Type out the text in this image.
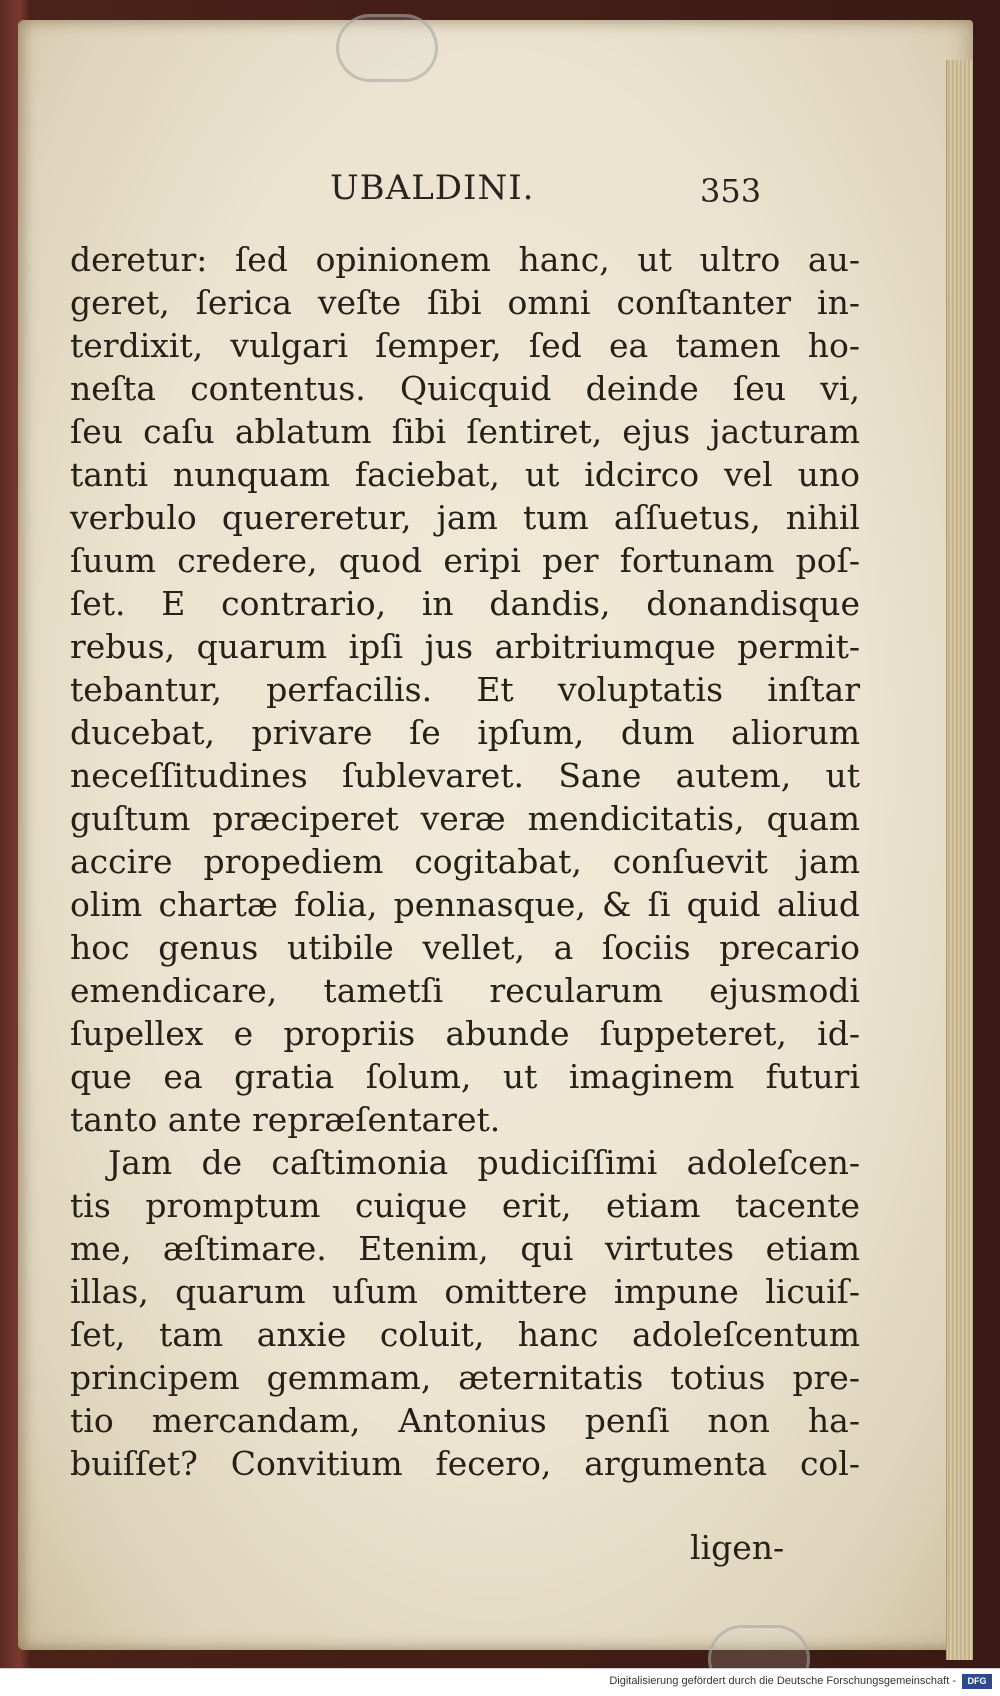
UBALDINI.	353
deretur: ſed opinionem hanc, ut ultro au-
geret, ſerica veſte ſibi omni conſtanter in-
terdixit, vulgari ſemper, ſed ea tamen ho-
neſta contentus. Quicquid deinde ſeu vi,
ſeu caſu ablatum ſibi ſentiret, ejus jacturam
tanti nunquam faciebat, ut idcirco vel uno
verbulo quereretur, jam tum aſſuetus, nihil
ſuum credere, quod eripi per fortunam poſ-
ſet. E contrario, in dandis, donandisque
rebus, quarum ipſi jus arbitriumque permit-
tebantur, perfacilis. Et voluptatis inſtar
ducebat, privare ſe ipſum, dum aliorum
neceſſitudines ſublevaret. Sane autem, ut
guſtum præciperet veræ mendicitatis, quam
accire propediem cogitabat, conſuevit jam
olim chartæ folia, pennasque, & ſi quid aliud
hoc genus utibile vellet, a ſociis precario
emendicare, tametſi recularum ejusmodi
ſupellex e propriis abunde ſuppeteret, id-
que ea gratia ſolum, ut imaginem futuri
tanto ante repræſentaret.
Jam de caſtimonia pudiciſſimi adoleſcen-
tis promptum cuique erit, etiam tacente
me, æſtimare. Etenim, qui virtutes etiam
illas, quarum uſum omittere impune licuiſ-
ſet, tam anxie coluit, hanc adoleſcentum
principem gemmam, æternitatis totius pre-
tio mercandam, Antonius penſi non ha-
buiſſet? Convitium fecero, argumenta col-
ligen-
Digitalisierung gefördert durch die Deutsche Forschungsgemeinschaft -	DFG
